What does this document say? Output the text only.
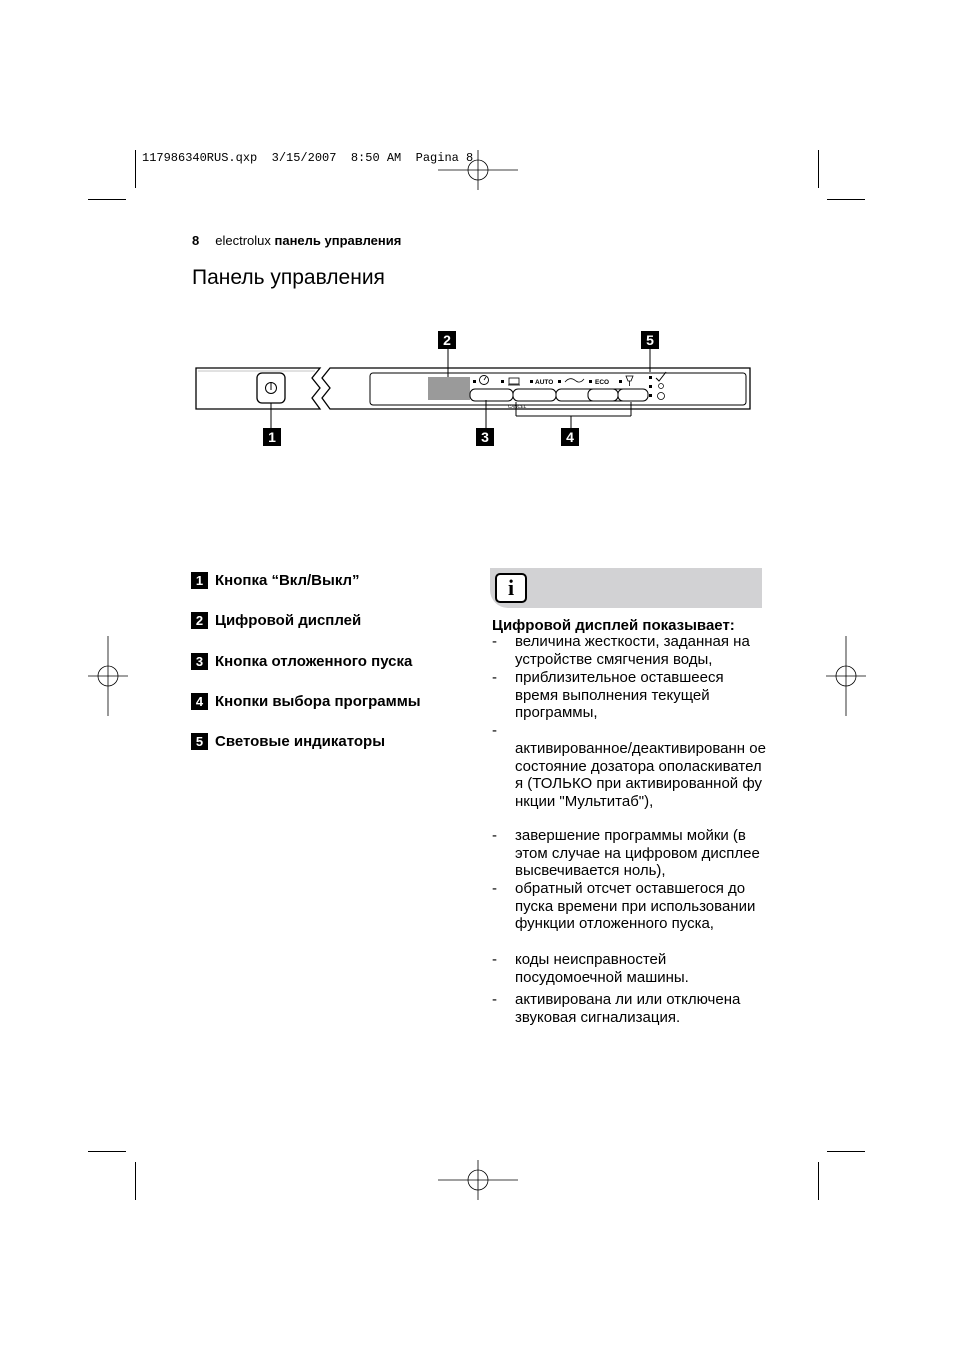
117986340RUS.qxp  3/15/2007  8:50 AM  Pagina 8
8 electrolux панель управления
Панель управления
AUTO	ECO
CANCEL
1
2
3	4
5
1 Кнопка “Вкл/Выкл”
2 Цифровой дисплей
3 Кнопка отложенного пуска
4 Кнопки выбора программы
5 Световые индикаторы
i
Цифровой дисплей показывает:
- величина жесткости, заданная на устройстве смягчения воды,
- приблизительное оставшееся время выполнения текущей программы,
-
активированное/деактивированн ое состояние дозатора ополаскивателя (ТОЛЬКО при активированной функции "Мультитаб"),
- завершение программы мойки (в этом случае на цифровом дисплее высвечивается ноль),
- обратный отсчет оставшегося до пуска времени при использовании функции отложенного пуска,
- коды неисправностей посудомоечной машины.
- активирована ли или отключена звуковая сигнализация.
